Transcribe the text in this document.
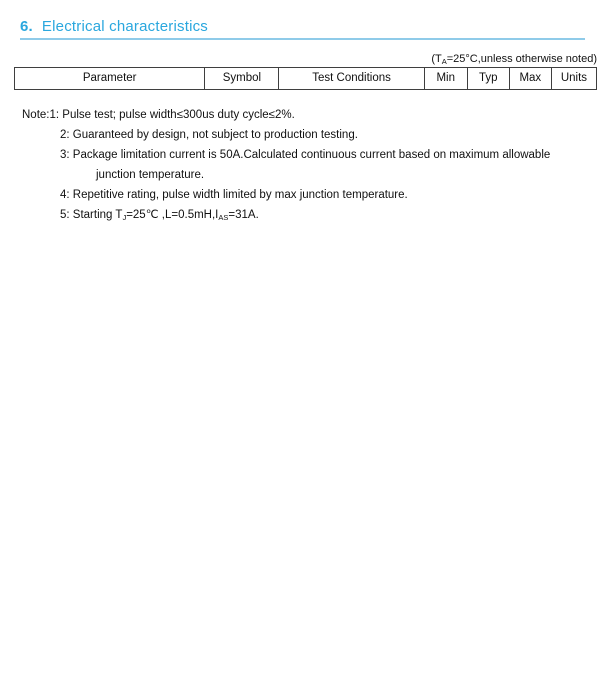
6. Electrical characteristics
($T_A=25^\circ C,unless$ otherwise noted)
Parameter	Symbol	Test Conditions	Min	Typ	Max	Units

Note:1: Pulse test; pulse width≤300us duty cycle≤2%.
2: Guaranteed by design, not subject to production testing.
3: Package limitation current is 50A.Calculated continuous current based on maximum allowable
junction temperature.
4: Repetitive rating, pulse width limited by max junction temperature.
5: Starting $T_J=25℃$ $,L=0.5mH,I_{AS}=31A$.
